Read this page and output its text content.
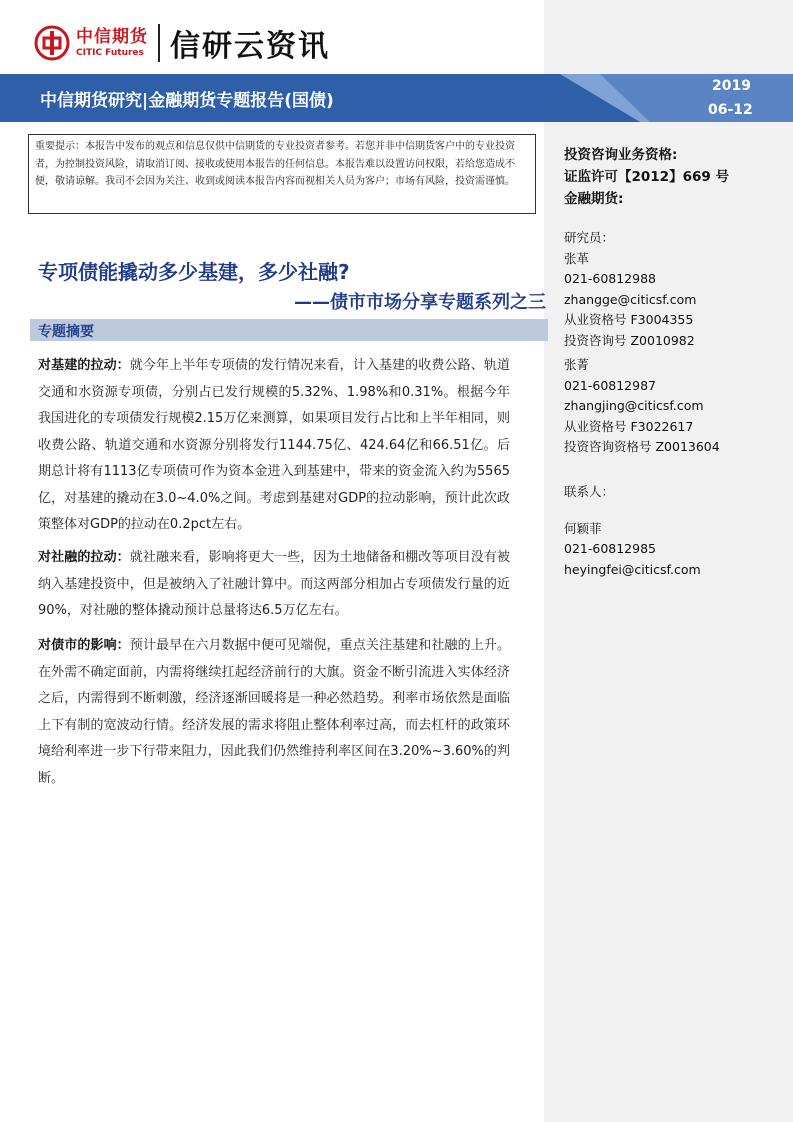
中信期货
CITIC Futures 信研云资讯
中信期货研究|金融期货专题报告(国债)
2019
06-12
重要提示：本报告中发布的观点和信息仅供中信期货的专业投资者参考。若您并非中信期货客户中的专业投资者，为控制投资风险，请取消订阅、接收或使用本报告的任何信息。本报告难以设置访问权限，若给您造成不便，敬请谅解。我司不会因为关注、收到或阅读本报告内容而视相关人员为客户；市场有风险，投资需谨慎。
专项债能撬动多少基建，多少社融?
——债市市场分享专题系列之三
专题摘要

对基建的拉动：就今年上半年专项债的发行情况来看，计入基建的收费公路、轨道交通和水资源专项债，分别占已发行规模的5.32%、1.98%和0.31%。根据今年我国进化的专项债发行规模2.15万亿来测算，如果项目发行占比和上半年相同，则收费公路、轨道交通和水资源分别将发行1144.75亿、424.64亿和66.51亿。后期总计将有1113亿专项债可作为资本金进入到基建中，带来的资金流入约为5565亿，对基建的撬动在3.0~4.0%之间。考虑到基建对GDP的拉动影响，预计此次政策整体对GDP的拉动在0.2pct左右。

对社融的拉动：就社融来看，影响将更大一些，因为土地储备和棚改等项目没有被纳入基建投资中，但是被纳入了社融计算中。而这两部分相加占专项债发行量的近90%，对社融的整体撬动预计总量将达6.5万亿左右。

对债市的影响：预计最早在六月数据中便可见端倪，重点关注基建和社融的上升。在外需不确定面前，内需将继续扛起经济前行的大旗。资金不断引流进入实体经济之后，内需得到不断刺激，经济逐渐回暖将是一种必然趋势。利率市场依然是面临上下有制的宽波动行情。经济发展的需求将阻止整体利率过高，而去杠杆的政策环境给利率进一步下行带来阻力，因此我们仍然维持利率区间在3.20%~3.60%的判断。

投资咨询业务资格:
证监许可【2012】669 号
金融期货:
研究员：
张革
021-60812988
zhangge@citicsf.com
从业资格号 F3004355
投资咨询号 Z0010982
张菁
021-60812987
zhangjing@citicsf.com
从业资格号 F3022617
投资咨询资格号 Z0013604
联系人：
何颖菲
021-60812985
heyingfei@citicsf.com
